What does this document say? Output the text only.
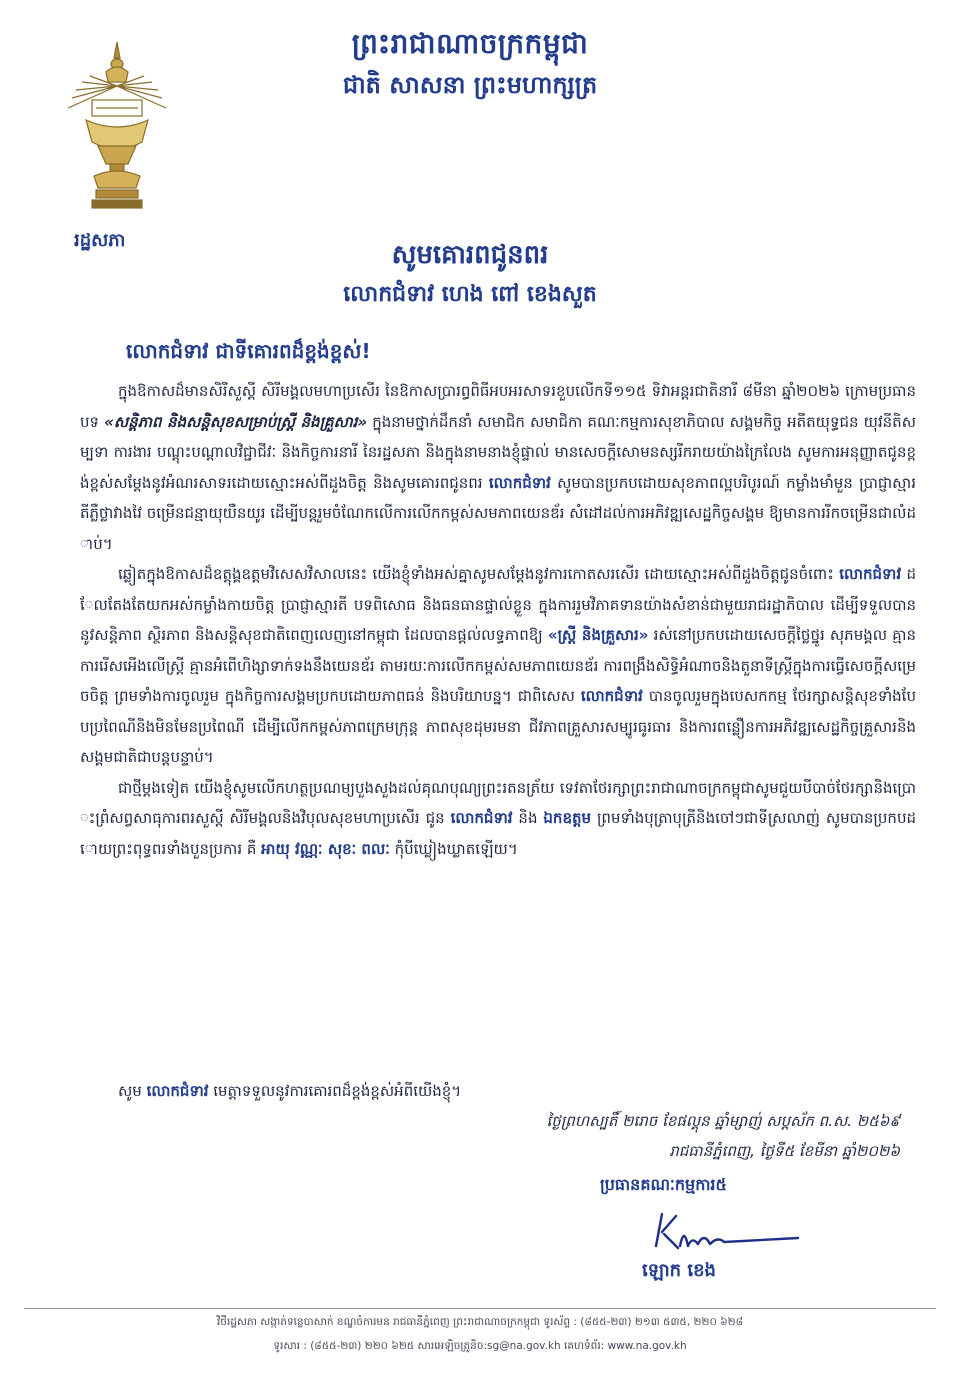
ព្រះរាជាណាចក្រកម្ពុជា
ជាតិ សាសនា ព្រះមហាក្សត្រ
រដ្ឋសភា	សូមគោរពជូនពរ
លោកជំទាវ ហេង ពៅ ខេងសួត
លោកជំទាវ ជាទីគោរពដ៏ខ្ពង់ខ្ពស់!

ក្នុងឱកាសដ៏មានសិរីសួស្តី សិរីមង្គលមហាប្រសើរ នៃឱកាសប្រារព្ធពិធីអបអរសាទរខួបលើកទី១១៥ ទិវាអន្តរជាតិនារី ៨មីនា ឆ្នាំ២០២៦ ក្រោមប្រធានបទ «សន្តិភាព និងសន្តិសុខសម្រាប់ស្ត្រី និងគ្រួសារ» ក្នុងនាមថ្នាក់ដឹកនាំ សមាជិក សមាជិកា គណៈកម្មការសុខាភិបាល សង្គមកិច្ច អតីតយុទ្ធជន យុវនីតិសម្បទា ការងារ បណ្តុះបណ្តាលវិជ្ជាជីវៈ និងកិច្ចការនារី នៃរដ្ឋសភា និងក្នុងនាមនាងខ្ញុំផ្ទាល់ មានសេចក្តីសោមនស្សរីករាយយ៉ាងក្រៃលែង សូមការអនុញ្ញាតជូនខ្ពង់ខ្ពស់សម្តែងនូវអំណរសាទរដោយស្មោះអស់ពីដួងចិត្ត និងសូមគោរពជូនពរ លោកជំទាវ សូមបានប្រកបដោយសុខភាពល្អបរិបូរណ៍ កម្លាំងមាំមួន ប្រាជ្ញាស្មារតីភ្លឺថ្លាវាងវៃ ចម្រើនជន្មាយុយឺនយូរ ដើម្បីបន្តរួមចំណែកលើការលើកកម្ពស់សមភាពយេនឌ័រ សំដៅដល់ការអភិវឌ្ឍសេដ្ឋកិច្ចសង្គម ឱ្យមានការរីកចម្រើនជាលំដាប់។

ឆ្លៀតក្នុងឱកាសដ៏ឧត្តុង្គឧត្តមវិសេសវិសាលនេះ យើងខ្ញុំទាំងអស់គ្នាសូមសម្តែងនូវការកោតសរសើរ ដោយស្មោះអស់ពីដួងចិត្តជូនចំពោះ លោកជំទាវ ដែលតែងតែយកអស់កម្លាំងកាយចិត្ត ប្រាជ្ញាស្មារតី បទពិសោធ និងធនធានផ្ទាល់ខ្លួន ក្នុងការរួមវិភាគទានយ៉ាងសំខាន់ជាមួយរាជរដ្ឋាភិបាល ដើម្បីទទួលបាននូវសន្តិភាព ស្ថិរភាព និងសន្តិសុខជាតិពេញលេញនៅកម្ពុជា ដែលបានផ្តល់លទ្ធភាពឱ្យ «ស្ត្រី និងគ្រួសារ» រស់នៅប្រកបដោយសេចក្តីថ្លៃថ្នូរ សុភមង្គល គ្មានការរើសអើងលើស្ត្រី គ្មានអំពើហិង្សាទាក់ទងនឹងយេនឌ័រ តាមរយៈការលើកកម្ពស់សមភាពយេនឌ័រ ការពង្រឹងសិទ្ធិអំណាចនិងតួនាទីស្ត្រីក្នុងការធ្វើសេចក្តីសម្រេចចិត្ត ព្រមទាំងការចូលរួម ក្នុងកិច្ចការសង្គមប្រកបដោយភាពធន់ និងបរិយាបន្ន។ ជាពិសេស លោកជំទាវ បានចូលរួមក្នុងបេសកកម្ម ថែរក្សាសន្តិសុខទាំងបែបប្រពៃណីនិងមិនមែនប្រពៃណី ដើម្បីលើកកម្ពស់ភាពក្រេមក្រុន្ត ភាពសុខដុមរមនា ជីវភាពគ្រួសារសម្បូរធូរធារ និងការពន្លឿនការអភិវឌ្ឍសេដ្ឋកិច្ចគ្រួសារនិងសង្គមជាតិជាបន្តបន្ទាប់។

ជាថ្មីម្តងទៀត យើងខ្ញុំសូមលើកហត្ថប្រណម្យបួងសួងដល់គុណបុណ្យព្រះរតនត្រ័យ ទេវតាថែរក្សាព្រះរាជាណាចក្រកម្ពុជាសូមជួយបីបាច់ថែរក្សានិងប្រោះព្រំសព្វសាធុការពរសួស្តី សិរីមង្គលនិងវិបុលសុខមហាប្រសើរ ជូន លោកជំទាវ និង ឯកឧត្តម ព្រមទាំងបុត្រាបុត្រីនិងចៅៗជាទីស្រលាញ់ សូមបានប្រកបដោយព្រះពុទ្ធពរទាំងបួនប្រការ គឺ អាយុ វណ្ណៈ សុខៈ ពលៈ កុំបីឃ្លៀងឃ្លាតឡើយ។

សូម លោកជំទាវ មេត្តាទទួលនូវការគោរពដ៏ខ្ពង់ខ្ពស់អំពីយើងខ្ញុំ។
ថ្ងៃព្រហស្បតិ៍ ២រោច ខែផល្គុន ឆ្នាំម្សាញ់ សប្តស័ក ព.ស. ២៥៦៩
រាជធានីភ្នំពេញ, ថ្ងៃទី៥ ខែមីនា ឆ្នាំ២០២៦
ប្រធានគណៈកម្មការ៥
ឡោក ខេង
វិថីរដ្ឋសភា សង្កាត់ទន្លេបាសាក់ ខណ្ឌចំការមន រាជធានីភ្នំពេញ ព្រះរាជាណាចក្រកម្ពុជា ទូរស័ព្ទ : (៨៥៥-២៣) ២១៣ ៥៣៥, ២២០ ៦២៨
ទូរសារ : (៨៥៥-២៣) ២២០ ៦២៥ សារអេឡិចត្រូនិច:sg@na.gov.kh គេហទំព័រ: www.na.gov.kh
